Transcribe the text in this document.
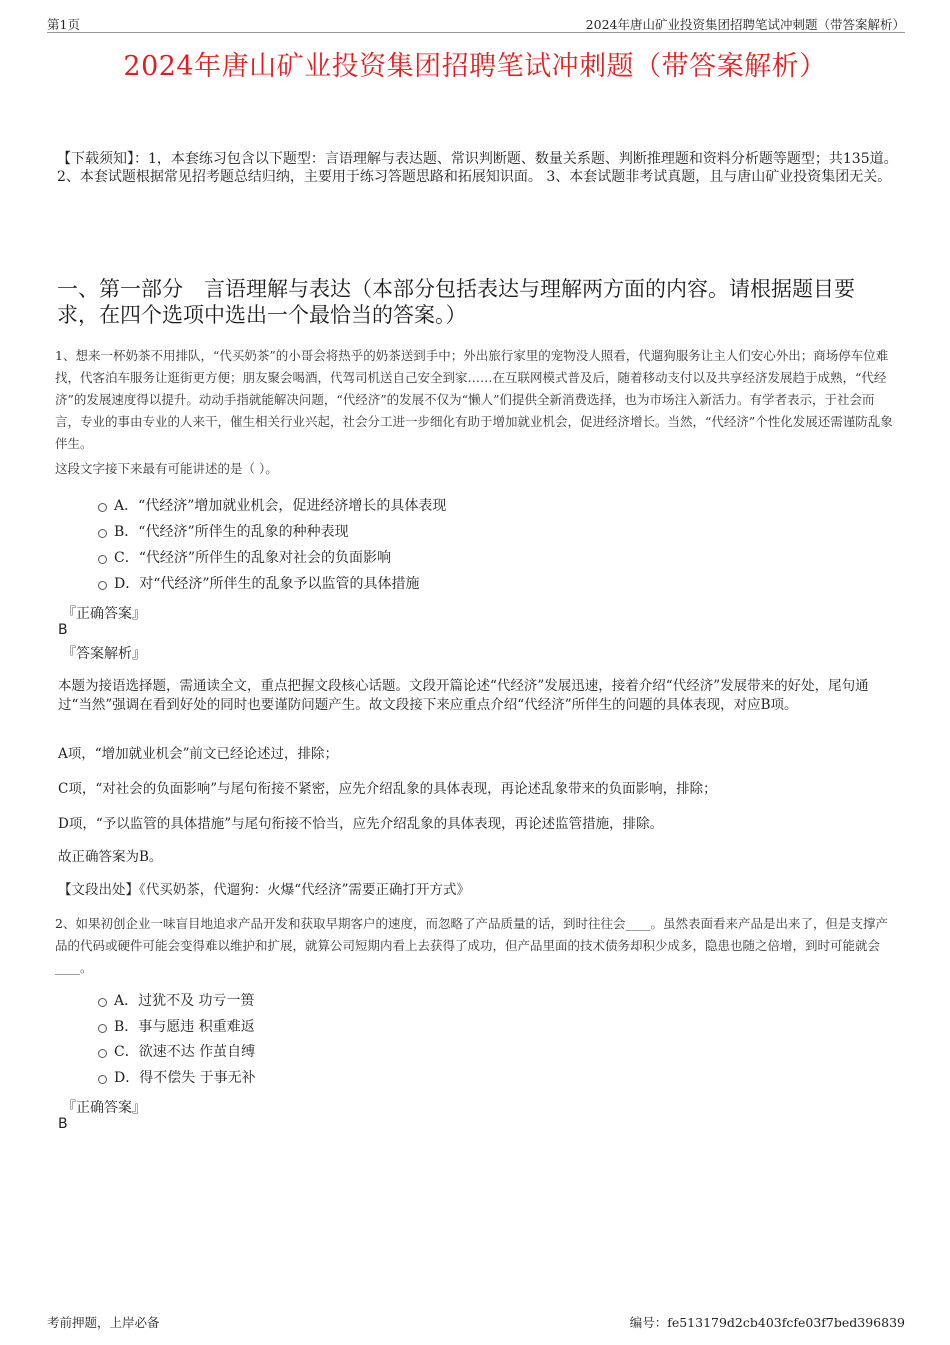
第1页	2024年唐山矿业投资集团招聘笔试冲刺题（带答案解析）
2024年唐山矿业投资集团招聘笔试冲刺题（带答案解析）
【下载须知】：1，本套练习包含以下题型：言语理解与表达题、常识判断题、数量关系题、判断推理题和资料分析题等题型；共135道。 2、本套试题根据常见招考题总结归纳，主要用于练习答题思路和拓展知识面。 3、本套试题非考试真题，且与唐山矿业投资集团无关。
一、第一部分　言语理解与表达（本部分包括表达与理解两方面的内容。请根据题目要求，在四个选项中选出一个最恰当的答案。）
1、想来一杯奶茶不用排队，“代买奶茶”的小哥会将热乎的奶茶送到手中；外出旅行家里的宠物没人照看，代遛狗服务让主人们安心外出；商场停车位难找，代客泊车服务让逛街更方便；朋友聚会喝酒，代驾司机送自己安全到家……在互联网模式普及后，随着移动支付以及共享经济发展趋于成熟，“代经济”的发展速度得以提升。动动手指就能解决问题，“代经济”的发展不仅为“懒人”们提供全新消费选择，也为市场注入新活力。有学者表示，于社会而言，专业的事由专业的人来干，催生相关行业兴起，社会分工进一步细化有助于增加就业机会，促进经济增长。当然，“代经济”个性化发展还需谨防乱象伴生。
这段文字接下来最有可能讲述的是（ ）。
A．“代经济”增加就业机会，促进经济增长的具体表现
B．“代经济”所伴生的乱象的种种表现
C．“代经济”所伴生的乱象对社会的负面影响
D．对“代经济”所伴生的乱象予以监管的具体措施
『正确答案』
B
『答案解析』
本题为接语选择题，需通读全文，重点把握文段核心话题。文段开篇论述“代经济”发展迅速，接着介绍“代经济”发展带来的好处，尾句通过“当然”强调在看到好处的同时也要谨防问题产生。故文段接下来应重点介绍“代经济”所伴生的问题的具体表现，对应B项。
A项，“增加就业机会”前文已经论述过，排除；
C项，“对社会的负面影响”与尾句衔接不紧密，应先介绍乱象的具体表现，再论述乱象带来的负面影响，排除；
D项，“予以监管的具体措施”与尾句衔接不恰当，应先介绍乱象的具体表现，再论述监管措施，排除。
故正确答案为B。
【文段出处】《代买奶茶，代遛狗：火爆“代经济”需要正确打开方式》
2、如果初创企业一味盲目地追求产品开发和获取早期客户的速度，而忽略了产品质量的话，到时往往会____。虽然表面看来产品是出来了，但是支撑产品的代码或硬件可能会变得难以维护和扩展，就算公司短期内看上去获得了成功，但产品里面的技术债务却积少成多，隐患也随之倍增，到时可能就会____。
A．过犹不及 功亏一篑
B．事与愿违 积重难返
C．欲速不达 作茧自缚
D．得不偿失 于事无补
『正确答案』
B
考前押题，上岸必备	编号：fe513179d2cb403fcfe03f7bed396839
